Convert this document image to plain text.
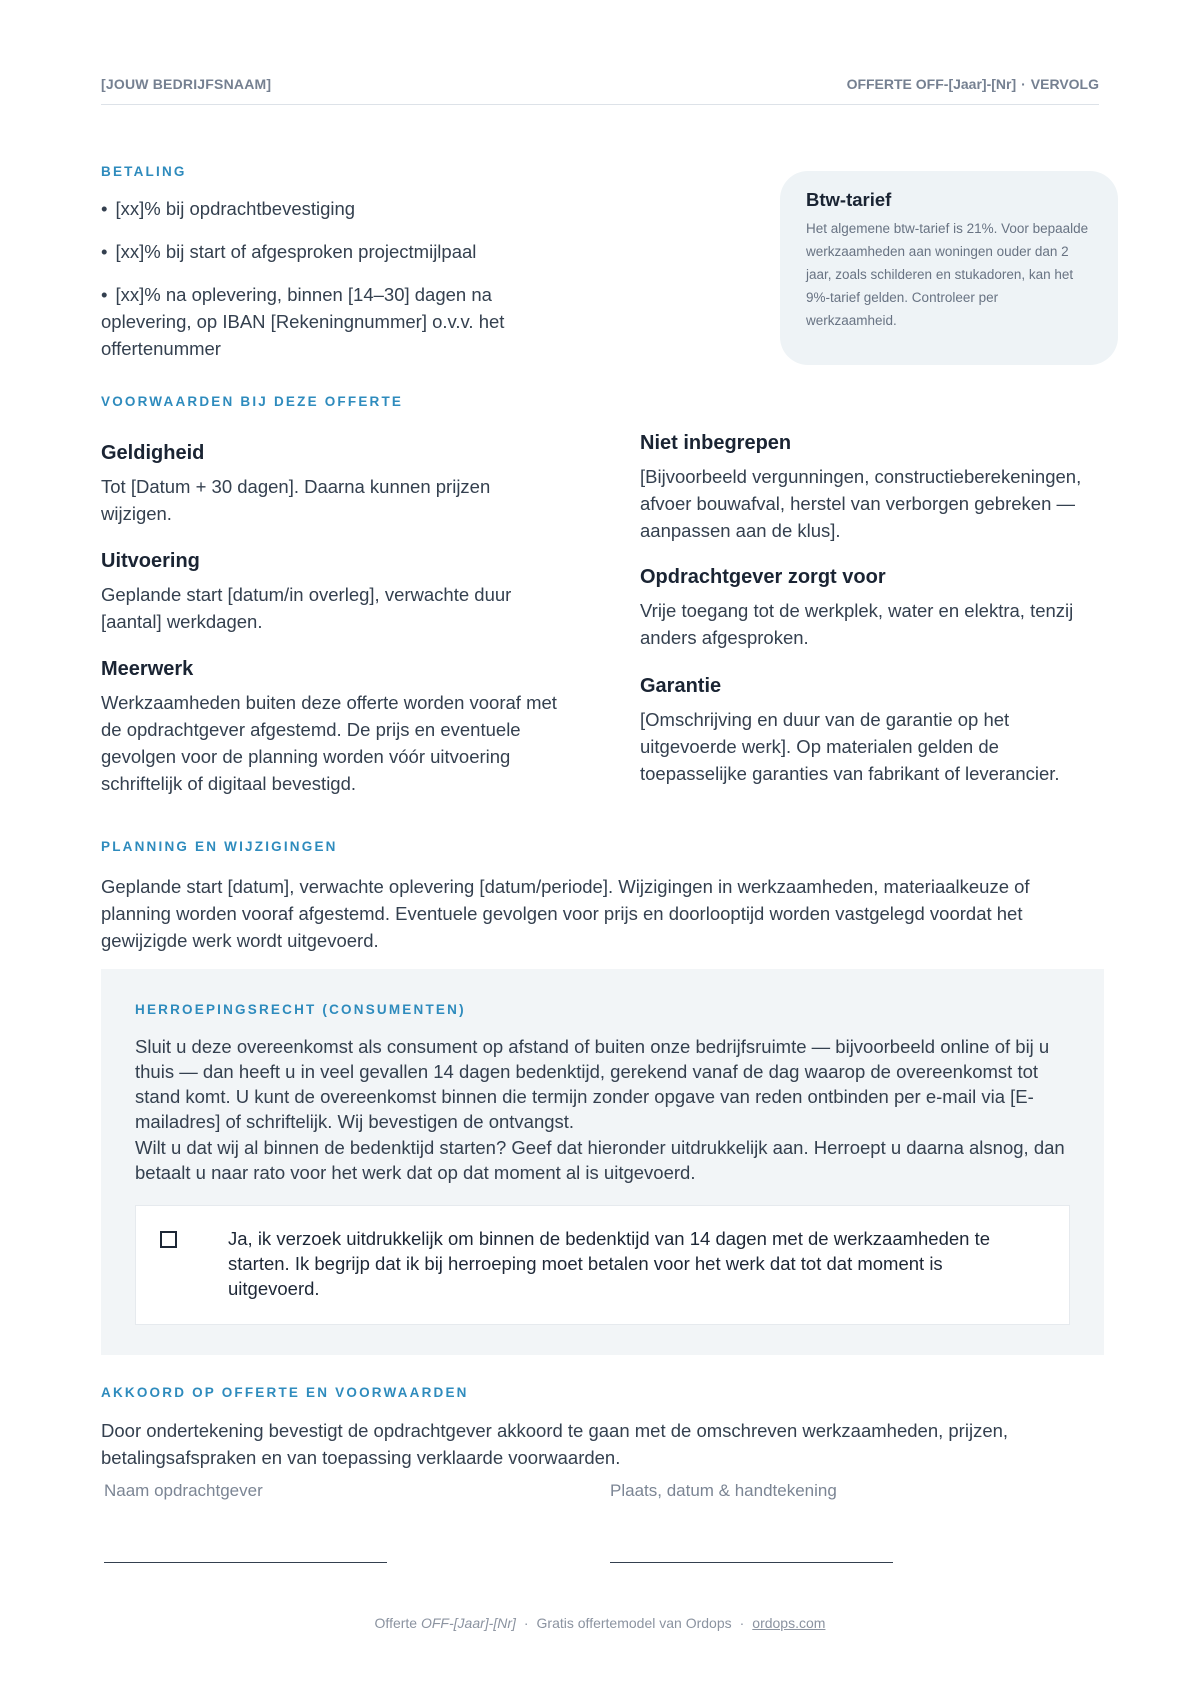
[JOUW BEDRIJFSNAAM]	OFFERTE OFF-[Jaar]-[Nr] · VERVOLG
BETALING
• [xx]% bij opdrachtbevestiging
• [xx]% bij start of afgesproken projectmijlpaal
• [xx]% na oplevering, binnen [14–30] dagen na oplevering, op IBAN [Rekeningnummer] o.v.v. het offertenummer
Btw-tarief
Het algemene btw-tarief is 21%. Voor bepaalde werkzaamheden aan woningen ouder dan 2 jaar, zoals schilderen en stukadoren, kan het 9%-tarief gelden. Controleer per werkzaamheid.
VOORWAARDEN BIJ DEZE OFFERTE
Geldigheid
Tot [Datum + 30 dagen]. Daarna kunnen prijzen wijzigen.
Uitvoering
Geplande start [datum/in overleg], verwachte duur [aantal] werkdagen.
Meerwerk
Werkzaamheden buiten deze offerte worden vooraf met de opdrachtgever afgestemd. De prijs en eventuele gevolgen voor de planning worden vóór uitvoering schriftelijk of digitaal bevestigd.
Niet inbegrepen
[Bijvoorbeeld vergunningen, constructieberekeningen, afvoer bouwafval, herstel van verborgen gebreken — aanpassen aan de klus].
Opdrachtgever zorgt voor
Vrije toegang tot de werkplek, water en elektra, tenzij anders afgesproken.
Garantie
[Omschrijving en duur van de garantie op het uitgevoerde werk]. Op materialen gelden de toepasselijke garanties van fabrikant of leverancier.
PLANNING EN WIJZIGINGEN
Geplande start [datum], verwachte oplevering [datum/periode]. Wijzigingen in werkzaamheden, materiaalkeuze of planning worden vooraf afgestemd. Eventuele gevolgen voor prijs en doorlooptijd worden vastgelegd voordat het gewijzigde werk wordt uitgevoerd.
HERROEPINGSRECHT (CONSUMENTEN)
Sluit u deze overeenkomst als consument op afstand of buiten onze bedrijfsruimte — bijvoorbeeld online of bij u thuis — dan heeft u in veel gevallen 14 dagen bedenktijd, gerekend vanaf de dag waarop de overeenkomst tot stand komt. U kunt de overeenkomst binnen die termijn zonder opgave van reden ontbinden per e-mail via [E-mailadres] of schriftelijk. Wij bevestigen de ontvangst.
Wilt u dat wij al binnen de bedenktijd starten? Geef dat hieronder uitdrukkelijk aan. Herroept u daarna alsnog, dan betaalt u naar rato voor het werk dat op dat moment al is uitgevoerd.
Ja, ik verzoek uitdrukkelijk om binnen de bedenktijd van 14 dagen met de werkzaamheden te starten. Ik begrijp dat ik bij herroeping moet betalen voor het werk dat tot dat moment is uitgevoerd.
AKKOORD OP OFFERTE EN VOORWAARDEN
Door ondertekening bevestigt de opdrachtgever akkoord te gaan met de omschreven werkzaamheden, prijzen, betalingsafspraken en van toepassing verklaarde voorwaarden.
Naam opdrachtgever	Plaats, datum & handtekening
Offerte OFF-[Jaar]-[Nr] · Gratis offertemodel van Ordops · ordops.com
